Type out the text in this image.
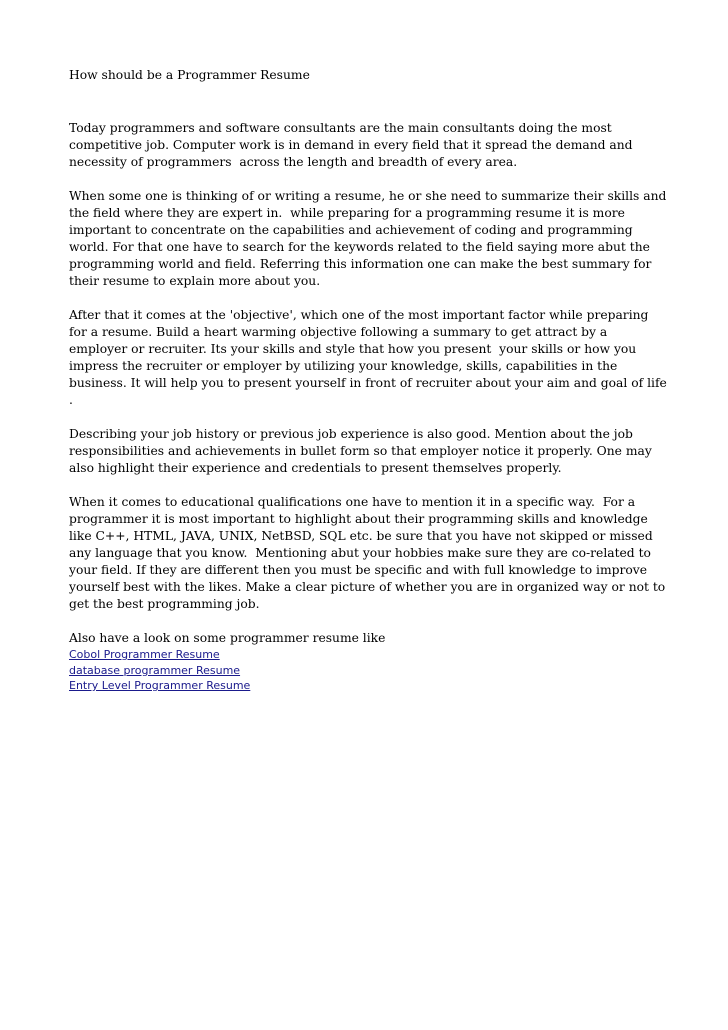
How should be a Programmer Resume

Today programmers and software consultants are the main consultants doing the most competitive job. Computer work is in demand in every field that it spread the demand and necessity of programmers  across the length and breadth of every area.

When some one is thinking of or writing a resume, he or she need to summarize their skills and the field where they are expert in.  while preparing for a programming resume it is more important to concentrate on the capabilities and achievement of coding and programming world. For that one have to search for the keywords related to the field saying more abut the programming world and field. Referring this information one can make the best summary for their resume to explain more about you.

After that it comes at the 'objective', which one of the most important factor while preparing for a resume. Build a heart warming objective following a summary to get attract by a employer or recruiter. Its your skills and style that how you present  your skills or how you impress the recruiter or employer by utilizing your knowledge, skills, capabilities in the business. It will help you to present yourself in front of recruiter about your aim and goal of life .

Describing your job history or previous job experience is also good. Mention about the job responsibilities and achievements in bullet form so that employer notice it properly. One may also highlight their experience and credentials to present themselves properly.

When it comes to educational qualifications one have to mention it in a specific way.  For a programmer it is most important to highlight about their programming skills and knowledge like C++, HTML, JAVA, UNIX, NetBSD, SQL etc. be sure that you have not skipped or missed any language that you know.  Mentioning abut your hobbies make sure they are co-related to your field. If they are different then you must be specific and with full knowledge to improve yourself best with the likes. Make a clear picture of whether you are in organized way or not to get the best programming job.

Also have a look on some programmer resume like

Cobol Programmer Resume
database programmer Resume
Entry Level Programmer Resume
